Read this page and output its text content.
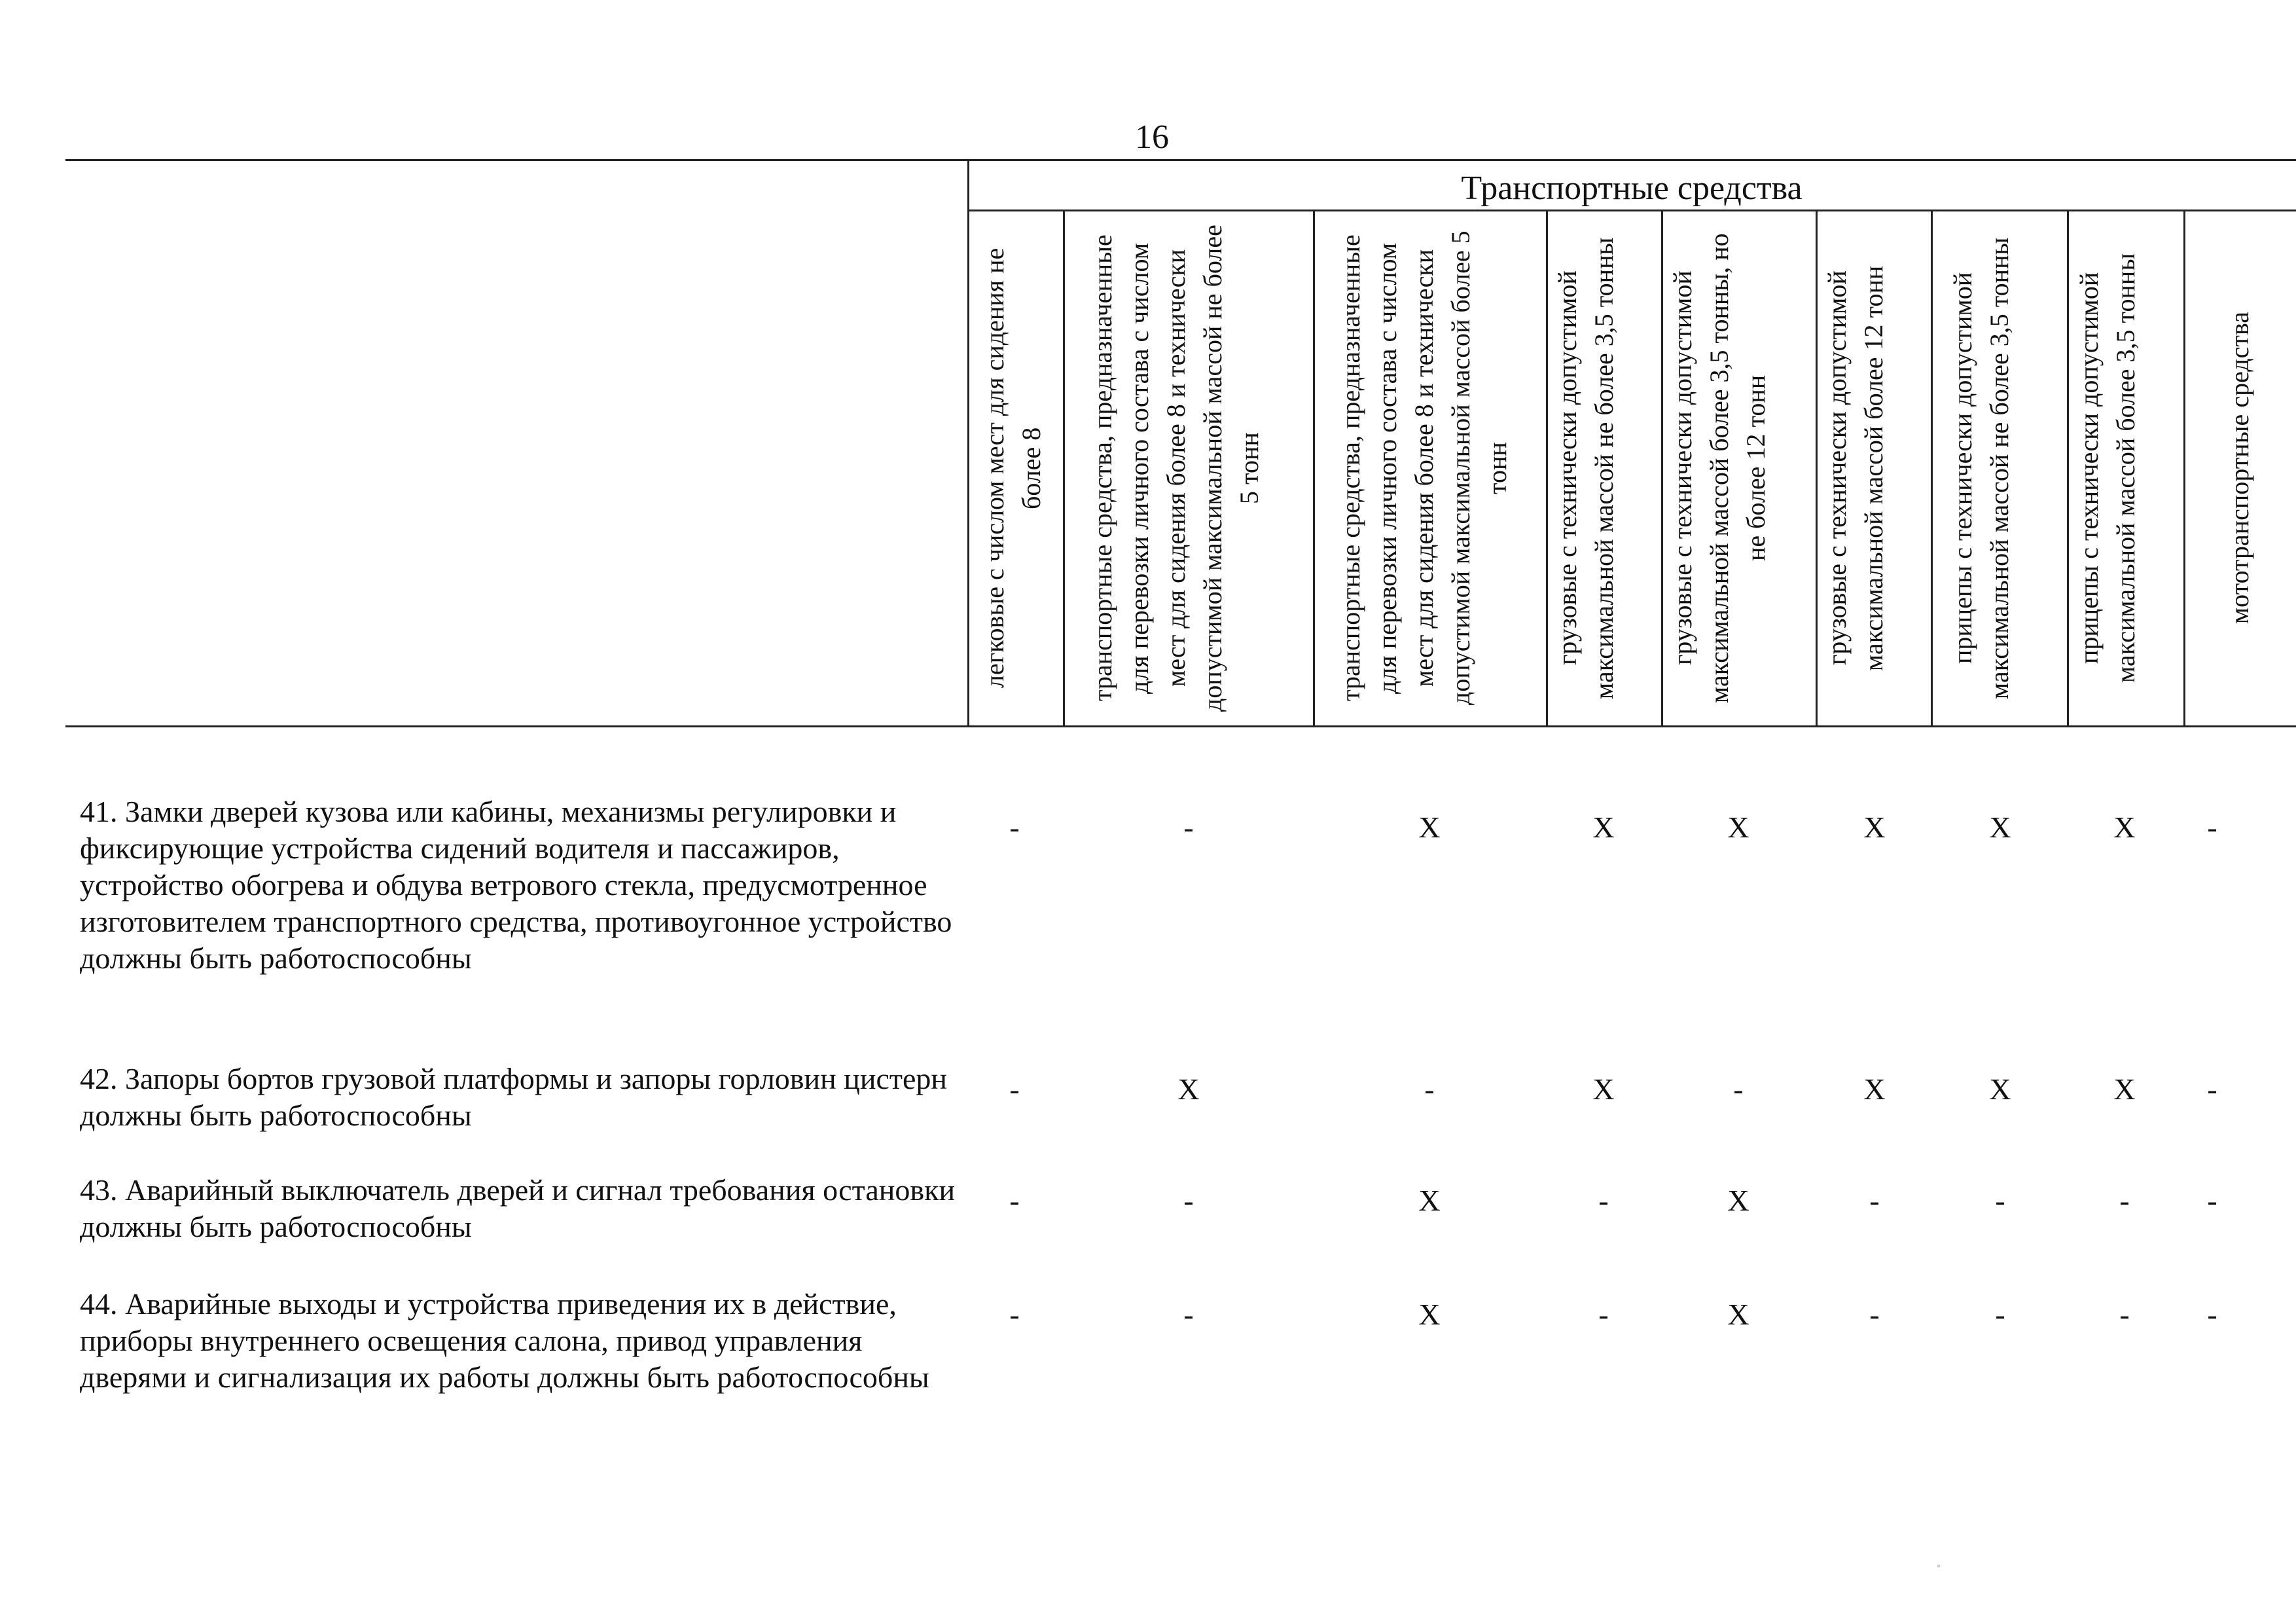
16
Транспортные средства
легковые с числом мест для сидения не более 8	транспортные средства, предназначенные для перевозки личного состава с числом мест для сидения более 8 и технически допустимой максимальной массой не более 5 тонн	транспортные средства, предназначенные для перевозки личного состава с числом мест для сидения более 8 и технически допустимой максимальной массой более 5 тонн	грузовые с технически допустимой максимальной массой не более 3,5 тонны	грузовые с технически допустимой максимальной массой более 3,5 тонны, но не более 12 тонн	грузовые с технически допустимой максимальной массой более 12 тонн	прицепы с технически допустимой максимальной массой не более 3,5 тонны	прицепы с технически допустимой максимальной массой более 3,5 тонны	мототранспортные средства
41. Замки дверей кузова или кабины, механизмы регулировки и фиксирующие устройства сидений водителя и пассажиров, устройство обогрева и обдува ветрового стекла, предусмотренное изготовителем транспортного средства, противоугонное устройство должны быть работоспособны
-	-	X	X	X	X	X	X	-
42. Запоры бортов грузовой платформы и запоры горловин цистерн должны быть работоспособны
-	X	-	X	-	X	X	X	-
43. Аварийный выключатель дверей и сигнал требования остановки должны быть работоспособны
-	-	X	-	X	-	-	-	-
44. Аварийные выходы и устройства приведения их в действие, приборы внутреннего освещения салона, привод управления дверями и сигнализация их работы должны быть работоспособны
-	-	X	-	X	-	-	-	-
